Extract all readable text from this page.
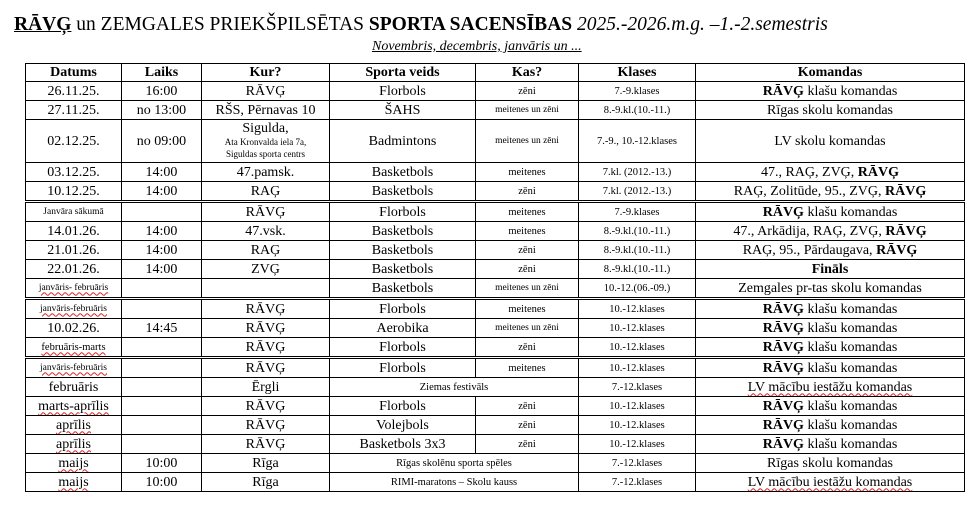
RĀVĢ un ZEMGALES PRIEKŠPILSĒTAS SPORTA SACENSĪBAS 2025.-2026.m.g. –1.-2.semestris
Novembris, decembris, janvāris un ...
Datums	Laiks	Kur?	Sporta veids	Kas?	Klases	Komandas
26.11.25.	16:00	RĀVĢ	Florbols	zēni	7.-9.klases	RĀVĢ klašu komandas
27.11.25.	no 13:00	RŠS, Pērnavas 10	ŠAHS	meitenes un zēni	8.-9.kl.(10.-11.)	Rīgas skolu komandas
02.12.25.	no 09:00	Sigulda,
Ata Kronvalda iela 7a,
Siguldas sporta centrs	Badmintons	meitenes un zēni	7.-9., 10.-12.klases	LV skolu komandas
03.12.25.	14:00	47.pamsk.	Basketbols	meitenes	7.kl. (2012.-13.)	47., RAĢ, ZVĢ, RĀVĢ
10.12.25.	14:00	RAĢ	Basketbols	zēni	7.kl. (2012.-13.)	RAĢ, Zolitūde, 95., ZVĢ, RĀVĢ
Janvāra sākumā		RĀVĢ	Florbols	meitenes	7.-9.klases	RĀVĢ klašu komandas
14.01.26.	14:00	47.vsk.	Basketbols	meitenes	8.-9.kl.(10.-11.)	47., Arkādija, RAĢ, ZVĢ, RĀVĢ
21.01.26.	14:00	RAĢ	Basketbols	zēni	8.-9.kl.(10.-11.)	RAĢ, 95., Pārdaugava, RĀVĢ
22.01.26.	14:00	ZVĢ	Basketbols	zēni	8.-9.kl.(10.-11.)	Fināls
janvāris- februāris			Basketbols	meitenes un zēni	10.-12.(06.-09.)	Zemgales pr-tas skolu komandas
janvāris-februāris		RĀVĢ	Florbols	meitenes	10.-12.klases	RĀVĢ klašu komandas
10.02.26.	14:45	RĀVĢ	Aerobika	meitenes un zēni	10.-12.klases	RĀVĢ klašu komandas
februāris-marts		RĀVĢ	Florbols	zēni	10.-12.klases	RĀVĢ klašu komandas
janvāris-februāris		RĀVĢ	Florbols	meitenes	10.-12.klases	RĀVĢ klašu komandas
februāris		Ērgli	Ziemas festivāls		7.-12.klases	LV mācību iestāžu komandas
marts-aprīlis		RĀVĢ	Florbols	zēni	10.-12.klases	RĀVĢ klašu komandas
aprīlis		RĀVĢ	Volejbols	zēni	10.-12.klases	RĀVĢ klašu komandas
aprīlis		RĀVĢ	Basketbols 3x3	zēni	10.-12.klases	RĀVĢ klašu komandas
maijs	10:00	Rīga	Rīgas skolēnu sporta spēles		7.-12.klases	Rīgas skolu komandas
maijs	10:00	Rīga	RIMI-maratons – Skolu kauss		7.-12.klases	LV mācību iestāžu komandas
